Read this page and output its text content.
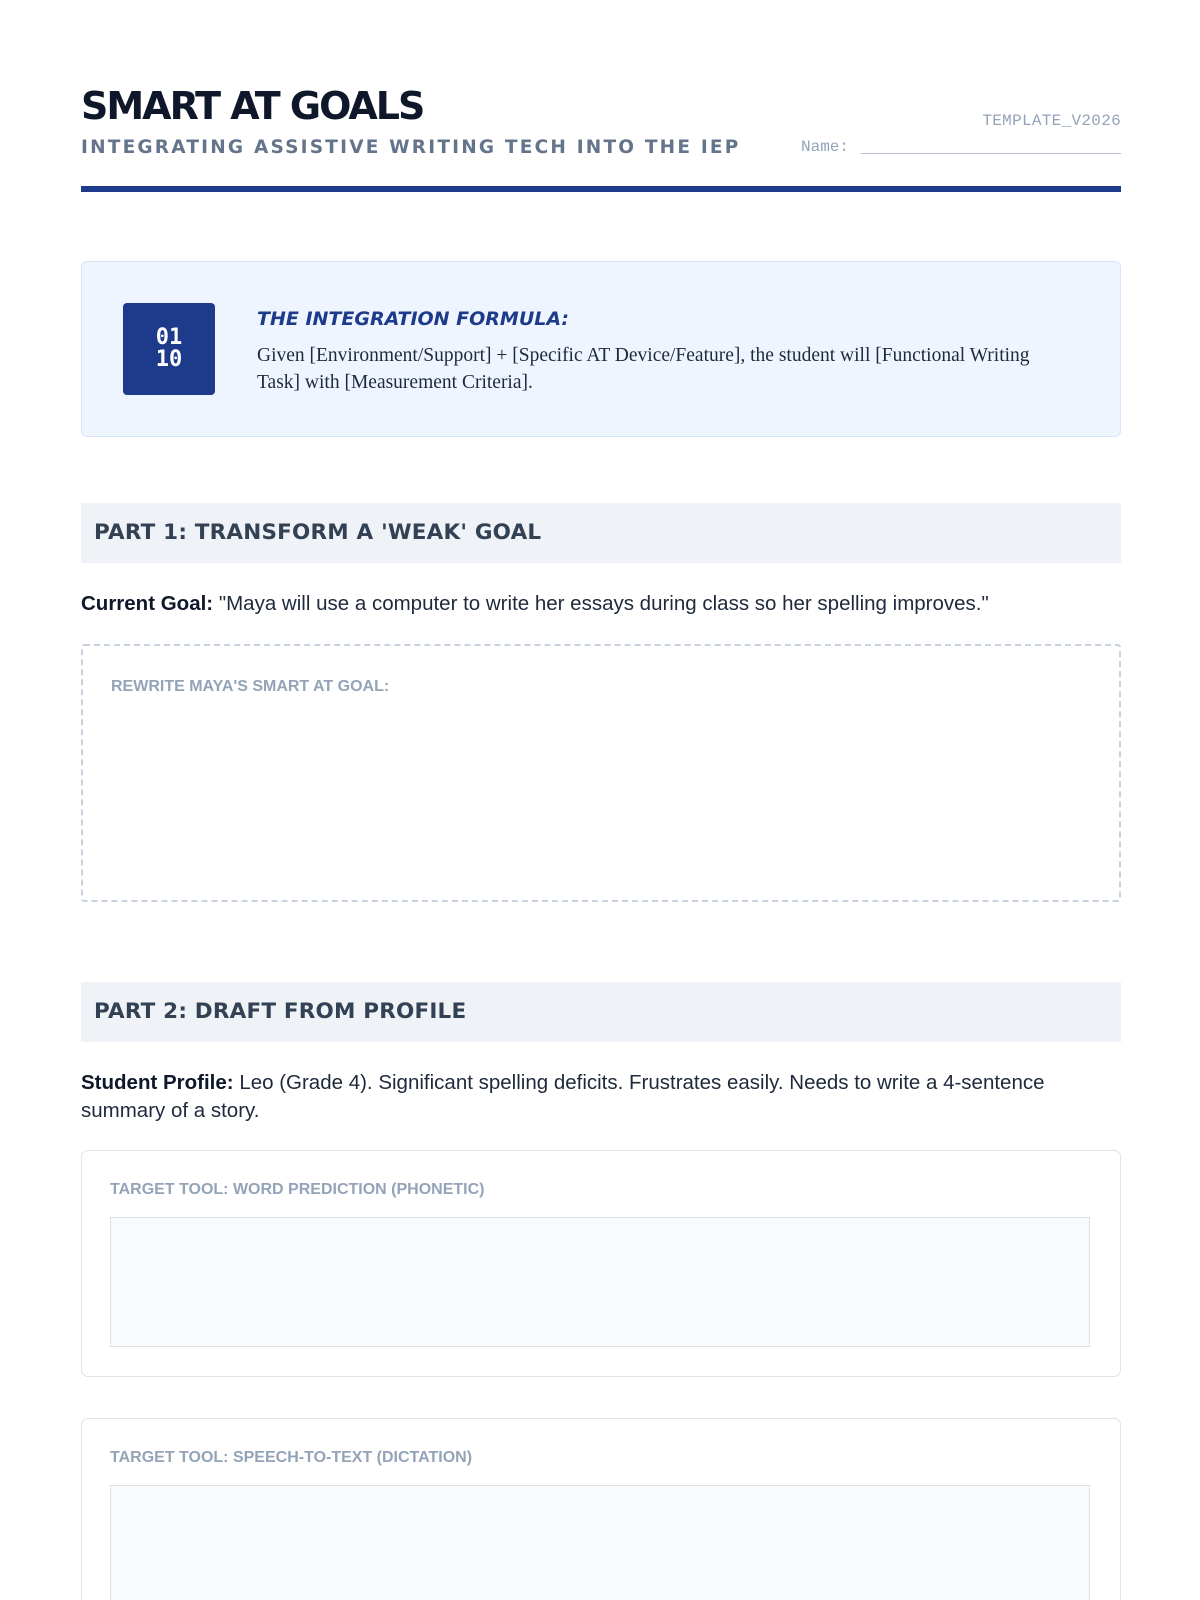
SMART AT GOALS
INTEGRATING ASSISTIVE WRITING TECH INTO THE IEP
TEMPLATE_V2026
Name:
01
10
THE INTEGRATION FORMULA:
Given [Environment/Support] + [Specific AT Device/Feature], the student will [Functional Writing Task] with [Measurement Criteria].
PART 1: TRANSFORM A 'WEAK' GOAL
Current Goal: "Maya will use a computer to write her essays during class so her spelling improves."
REWRITE MAYA'S SMART AT GOAL:
PART 2: DRAFT FROM PROFILE
Student Profile: Leo (Grade 4). Significant spelling deficits. Frustrates easily. Needs to write a 4-sentence summary of a story.
TARGET TOOL: WORD PREDICTION (PHONETIC)
TARGET TOOL: SPEECH-TO-TEXT (DICTATION)
